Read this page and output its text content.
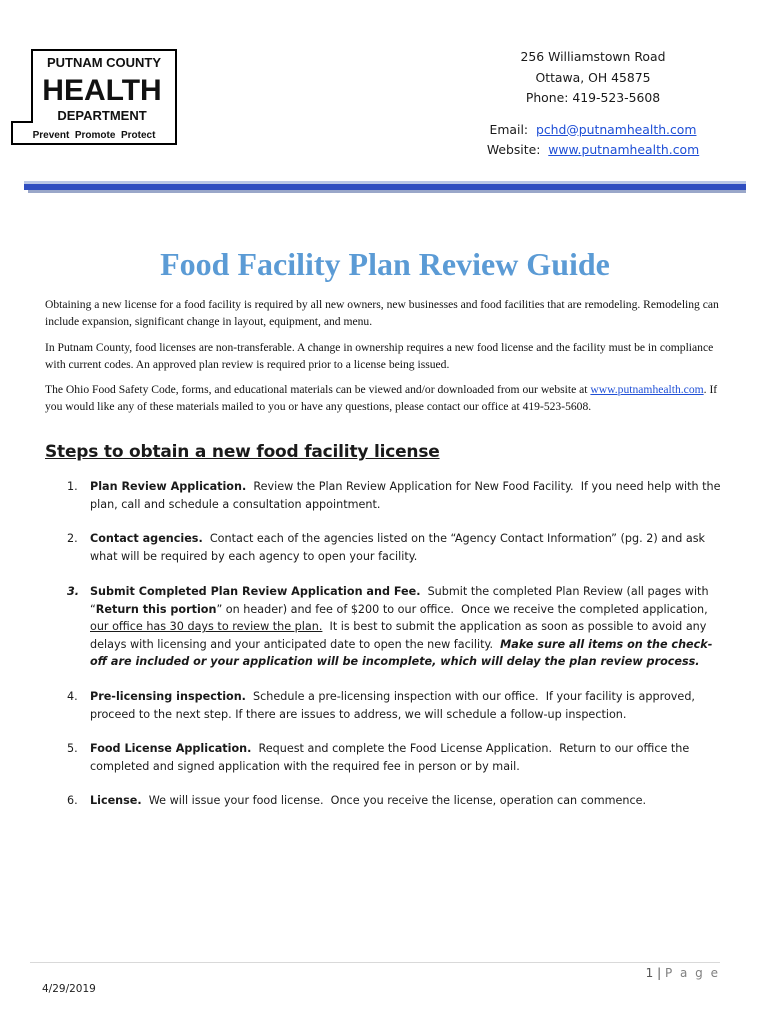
PUTNAM COUNTY
HEALTH
DEPARTMENT
Prevent  Promote  Protect
256 Williamstown Road
Ottawa, OH 45875
Phone: 419-523-5608
Email:  pchd@putnamhealth.com
Website:  www.putnamhealth.com
Food Facility Plan Review Guide

Obtaining a new license for a food facility is required by all new owners, new businesses and food facilities that are remodeling. Remodeling can include expansion, significant change in layout, equipment, and menu.

In Putnam County, food licenses are non-transferable. A change in ownership requires a new food license and the facility must be in compliance with current codes. An approved plan review is required prior to a license being issued.

The Ohio Food Safety Code, forms, and educational materials can be viewed and/or downloaded from our website at www.putnamhealth.com. If you would like any of these materials mailed to you or have any questions, please contact our office at 419-523-5608.

Steps to obtain a new food facility license
1.	Plan Review Application.  Review the Plan Review Application for New Food Facility.  If you need help with the plan, call and schedule a consultation appointment.
2.	Contact agencies.  Contact each of the agencies listed on the “Agency Contact Information” (pg. 2) and ask what will be required by each agency to open your facility.
3. Submit Completed Plan Review Application and Fee.  Submit the completed Plan Review (all pages with “Return this portion” on header) and fee of $200 to our office.  Once we receive the completed application, our office has 30 days to review the plan.  It is best to submit the application as soon as possible to avoid any delays with licensing and your anticipated date to open the new facility.  Make sure all items on the check-off are included or your application will be incomplete, which will delay the plan review process.
4.	Pre-licensing inspection.  Schedule a pre-licensing inspection with our office.  If your facility is approved, proceed to the next step. If there are issues to address, we will schedule a follow-up inspection.
5.	Food License Application.  Request and complete the Food License Application.  Return to our office the completed and signed application with the required fee in person or by mail.
6.	License.  We will issue your food license.  Once you receive the license, operation can commence.
1 | P a g e
4/29/2019
